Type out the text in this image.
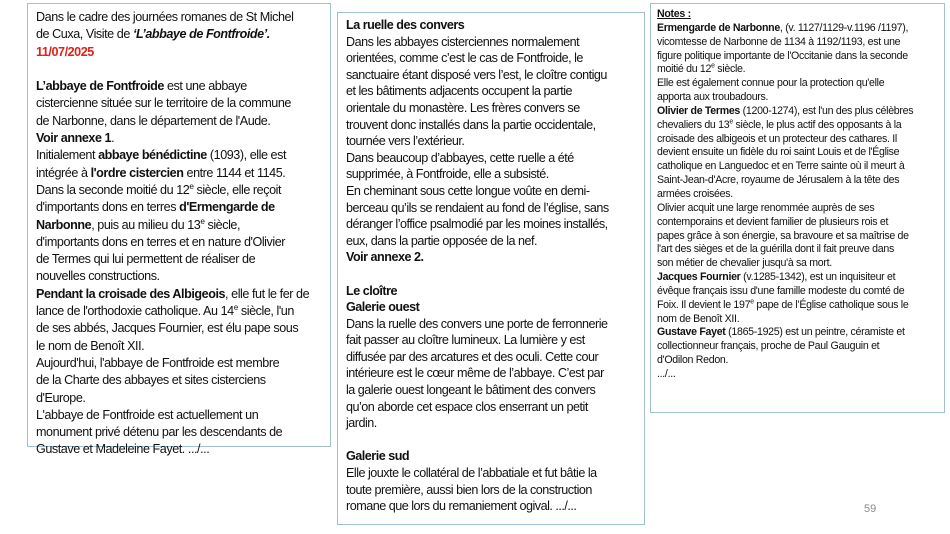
Dans le cadre des journées romanes de St Michel
de Cuxa, Visite de ‘L’abbaye de Fontfroide’.
11/07/2025
L’abbaye de Fontfroide est une abbaye
cistercienne située sur le territoire de la commune
de Narbonne, dans le département de l'Aude.
Voir annexe 1.
Initialement abbaye bénédictine (1093), elle est
intégrée à l'ordre cistercien entre 1144 et 1145.
Dans la seconde moitié du 12e siècle, elle reçoit
d'importants dons en terres d'Ermengarde de
Narbonne, puis au milieu du 13e siècle,
d'importants dons en terres et en nature d'Olivier
de Termes qui lui permettent de réaliser de
nouvelles constructions.
Pendant la croisade des Albigeois, elle fut le fer de
lance de l'orthodoxie catholique. Au 14e siècle, l'un
de ses abbés, Jacques Fournier, est élu pape sous
le nom de Benoît XII.
Aujourd'hui, l'abbaye de Fontfroide est membre
de la Charte des abbayes et sites cisterciens
d'Europe.
L'abbaye de Fontfroide est actuellement un
monument privé détenu par les descendants de
Gustave et Madeleine Fayet. .../...
La ruelle des convers
Dans les abbayes cisterciennes normalement
orientées, comme c’est le cas de Fontfroide, le
sanctuaire étant disposé vers l’est, le cloître contigu
et les bâtiments adjacents occupent la partie
orientale du monastère. Les frères convers se
trouvent donc installés dans la partie occidentale,
tournée vers l’extérieur.
Dans beaucoup d’abbayes, cette ruelle a été
supprimée, à Fontfroide, elle a subsisté.
En cheminant sous cette longue voûte en demi-
berceau qu’ils se rendaient au fond de l’église, sans
déranger l’office psalmodié par les moines installés,
eux, dans la partie opposée de la nef.
Voir annexe 2.
Le cloître
Galerie ouest
Dans la ruelle des convers une porte de ferronnerie
fait passer au cloître lumineux. La lumière y est
diffusée par des arcatures et des oculi. Cette cour
intérieure est le cœur même de l’abbaye. C’est par
la galerie ouest longeant le bâtiment des convers
qu’on aborde cet espace clos enserrant un petit
jardin.
Galerie sud
Elle jouxte le collatéral de l’abbatiale et fut bâtie la
toute première, aussi bien lors de la construction
romane que lors du remaniement ogival. .../...
Notes :
Ermengarde de Narbonne, (v. 1127/1129-v.1196 /1197),
vicomtesse de Narbonne de 1134 à 1192/1193, est une
figure politique importante de l'Occitanie dans la seconde
moitié du 12e siècle.
Elle est également connue pour la protection qu'elle
apporta aux troubadours.
Olivier de Termes (1200-1274), est l'un des plus célèbres
chevaliers du 13e siècle, le plus actif des opposants à la
croisade des albigeois et un protecteur des cathares. Il
devient ensuite un fidèle du roi saint Louis et de l'Église
catholique en Languedoc et en Terre sainte où il meurt à
Saint-Jean-d'Acre, royaume de Jérusalem à la tête des
armées croisées.
Olivier acquit une large renommée auprès de ses
contemporains et devient familier de plusieurs rois et
papes grâce à son énergie, sa bravoure et sa maîtrise de
l'art des sièges et de la guérilla dont il fait preuve dans
son métier de chevalier jusqu'à sa mort.
Jacques Fournier (v.1285-1342), est un inquisiteur et
évêque français issu d'une famille modeste du comté de
Foix. Il devient le 197e pape de l’Église catholique sous le
nom de Benoît XII.
Gustave Fayet (1865-1925) est un peintre, céramiste et
collectionneur français, proche de Paul Gauguin et
d'Odilon Redon.
.../...
59
